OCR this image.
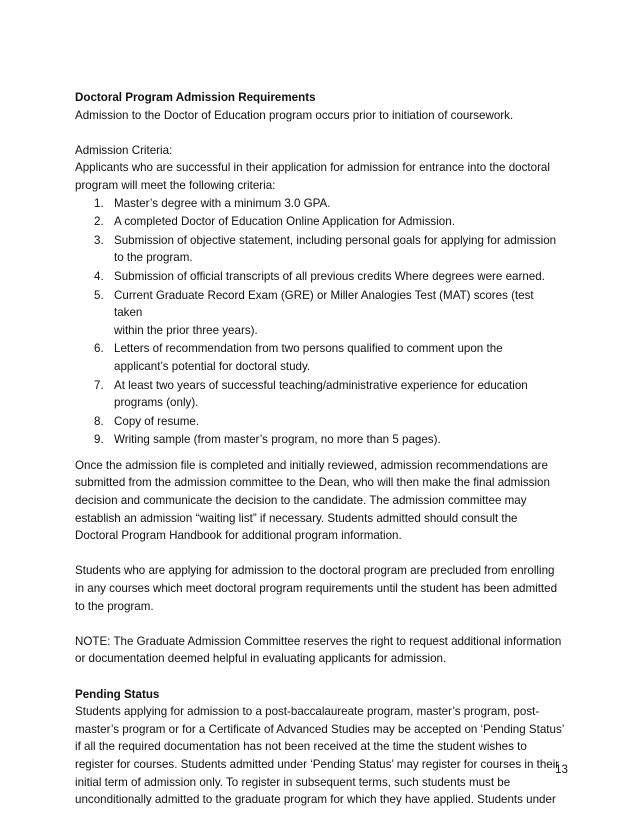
Doctoral Program Admission Requirements

Admission to the Doctor of Education program occurs prior to initiation of coursework.

Admission Criteria:

Applicants who are successful in their application for admission for entrance into the doctoral

program will meet the following criteria:

1. Master’s degree with a minimum 3.0 GPA.
2. A completed Doctor of Education Online Application for Admission.
3. Submission of objective statement, including personal goals for applying for admission
to the program.
4. Submission of official transcripts of all previous credits Where degrees were earned.
5. Current Graduate Record Exam (GRE) or Miller Analogies Test (MAT) scores (test taken
within the prior three years).
6. Letters of recommendation from two persons qualified to comment upon the
applicant’s potential for doctoral study.
7. At least two years of successful teaching/administrative experience for education
programs (only).
8. Copy of resume.
9. Writing sample (from master’s program, no more than 5 pages).

Once the admission file is completed and initially reviewed, admission recommendations are

submitted from the admission committee to the Dean, who will then make the final admission

decision and communicate the decision to the candidate. The admission committee may

establish an admission “waiting list” if necessary. Students admitted should consult the

Doctoral Program Handbook for additional program information.

Students who are applying for admission to the doctoral program are precluded from enrolling

in any courses which meet doctoral program requirements until the student has been admitted

to the program.

NOTE: The Graduate Admission Committee reserves the right to request additional information

or documentation deemed helpful in evaluating applicants for admission.

Pending Status

Students applying for admission to a post-baccalaureate program, master’s program, post-

master’s program or for a Certificate of Advanced Studies may be accepted on ‘Pending Status’

if all the required documentation has not been received at the time the student wishes to

register for courses. Students admitted under ‘Pending Status’ may register for courses in their

initial term of admission only. To register in subsequent terms, such students must be

unconditionally admitted to the graduate program for which they have applied. Students under

13
